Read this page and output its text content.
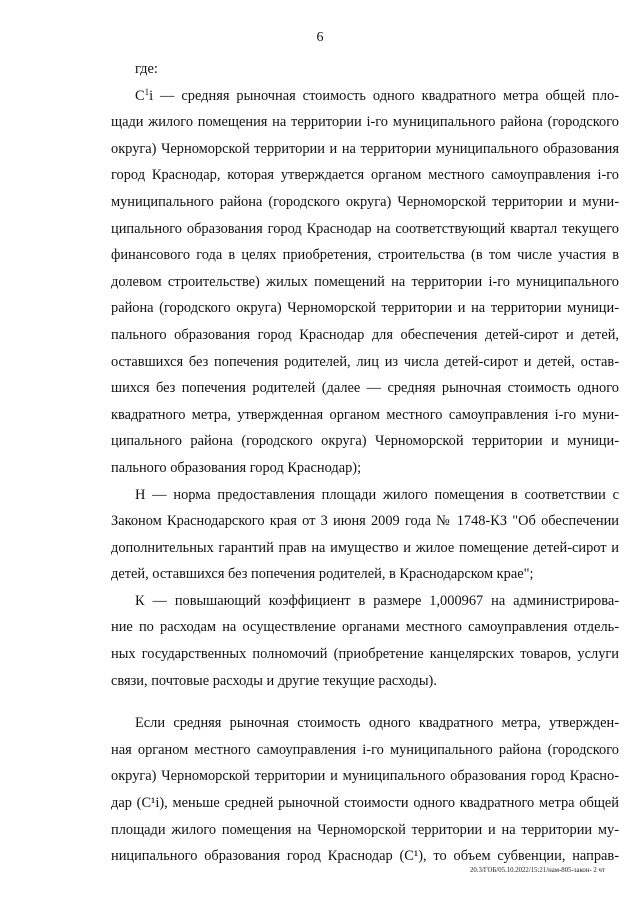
6
где:
$C^1i$ — средняя рыночная стоимость одного квадратного метра общей пло-
щади жилого помещения на территории i-го муниципального района (городского
округа) Черноморской территории и на территории муниципального образования
город Краснодар, которая утверждается органом местного самоуправления i-го
муниципального района (городского округа) Черноморской территории и муни-
ципального образования город Краснодар на соответствующий квартал текущего
финансового года в целях приобретения, строительства (в том числе участия в
долевом строительстве) жилых помещений на территории i-го муниципального
района (городского округа) Черноморской территории и на территории муници-
пального образования город Краснодар для обеспечения детей-сирот и детей,
оставшихся без попечения родителей, лиц из числа детей-сирот и детей, остав-
шихся без попечения родителей (далее — средняя рыночная стоимость одного
квадратного метра, утвержденная органом местного самоуправления i-го муни-
ципального района (городского округа) Черноморской территории и муници-
пального образования город Краснодар);
Н — норма предоставления площади жилого помещения в соответствии с
Законом Краснодарского края от 3 июня 2009 года № 1748-КЗ "Об обеспечении
дополнительных гарантий прав на имущество и жилое помещение детей-сирот и
детей, оставшихся без попечения родителей, в Краснодарском крае";
К — повышающий коэффициент в размере 1,000967 на администрирова-
ние по расходам на осуществление органами местного самоуправления отдель-
ных государственных полномочий (приобретение канцелярских товаров, услуги
связи, почтовые расходы и другие текущие расходы).
Если средняя рыночная стоимость одного квадратного метра, утвержден-
ная органом местного самоуправления i-го муниципального района (городского
округа) Черноморской территории и муниципального образования город Красно-
дар (C¹i), меньше средней рыночной стоимости одного квадратного метра общей
площади жилого помещения на Черноморской территории и на территории му-
ниципального образования город Краснодар (C¹), то объем субвенции, направ-
20.3/ГОБ/05.10.2022/15:21/нам-805-закон- 2 чт
